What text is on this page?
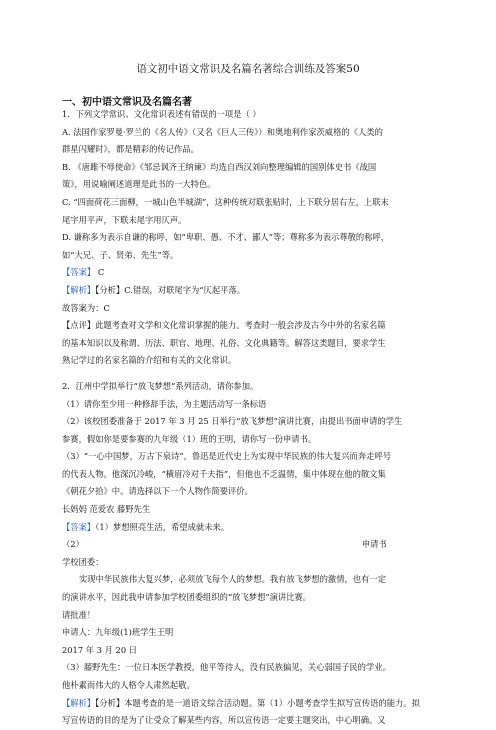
语文初中语文常识及名篇名著综合训练及答案50
一、初中语文常识及名篇名著
1．下列文学常识、文化常识表述有错误的一项是（ ）
A. 法国作家罗曼·罗兰的《名人传》（又名《巨人三传》）和奥地利作家茨威格的《人类的
群星闪耀时》，都是精彩的传记作品。
B. 《唐雎不辱使命》《邹忌讽齐王纳谏》均选自西汉刘向整理编辑的国别体史书《战国
策》，用说喻阐述道理是此书的一大特色。
C. “四面荷花三面柳，一城山色半城湖”，这种传统对联张贴时，上下联分居右左，上联末
尾字用平声，下联末尾字用仄声。
D. 谦称多为表示自谦的称呼，如“卑职、愚、不才、鄙人”等；尊称多为表示尊敬的称呼，
如“大兄、子、贤弟、先生”等。
【答案】 C
【解析】【分析】C.错误，对联尾字为“仄起平落。
故答案为：C
【点评】此题考查对文学和文化常识掌握的能力。考查时一般会涉及古今中外的名家名篇
的基本知识以及称谓、历法、职官、地理、礼俗、文化典籍等。解答这类题目，要求学生
熟记学过的名家名篇的介绍和有关的文化常识。
2．江州中学拟举行“放飞梦想”系列活动，请你参加。
（1）请你至少用一种修辞手法，为主题活动写一条标语
（2）该校团委准备于 2017 年 3 月 25 日举行“放飞梦想”演讲比赛，由提出书面申请的学生
参赛，假如你是要参赛的九年级（1）班的王明，请你写一份申请书。
（3）“一心中国梦，万古下泉诗”，鲁迅是近代史上为实现中华民族的伟大复兴而奔走呼号
的代表人物。他深沉冷峻，“横眉冷对千夫指”，但他也不乏温情，集中体现在他的散文集
《朝花夕拾》中。请选择以下一个人物作简要评价。
长妈妈 范爱农 藤野先生
【答案】（1）梦想照亮生活，希望成就未来。
（2）	申请书
学校团委：
实现中华民族伟大复兴梦，必须放飞每个人的梦想。我有放飞梦想的激情，也有一定
的演讲水平，因此我申请参加学校团委组织的“放飞梦想”演讲比赛。
请批准！
申请人：九年级(1)班学生王明
2017 年 3 月 20 日
（3）藤野先生：一位日本医学教授，他平等待人，没有民族偏见，关心弱国子民的学业。
他朴素而伟大的人格令人肃然起敬。
【解析】【分析】本题考查的是一道语文综合活动题。第（1）小题考查学生拟写宣传语的能力。拟
写宣传语的目的是为了让受众了解某些内容，所以宣传语一定要主题突出，中心明确。又
